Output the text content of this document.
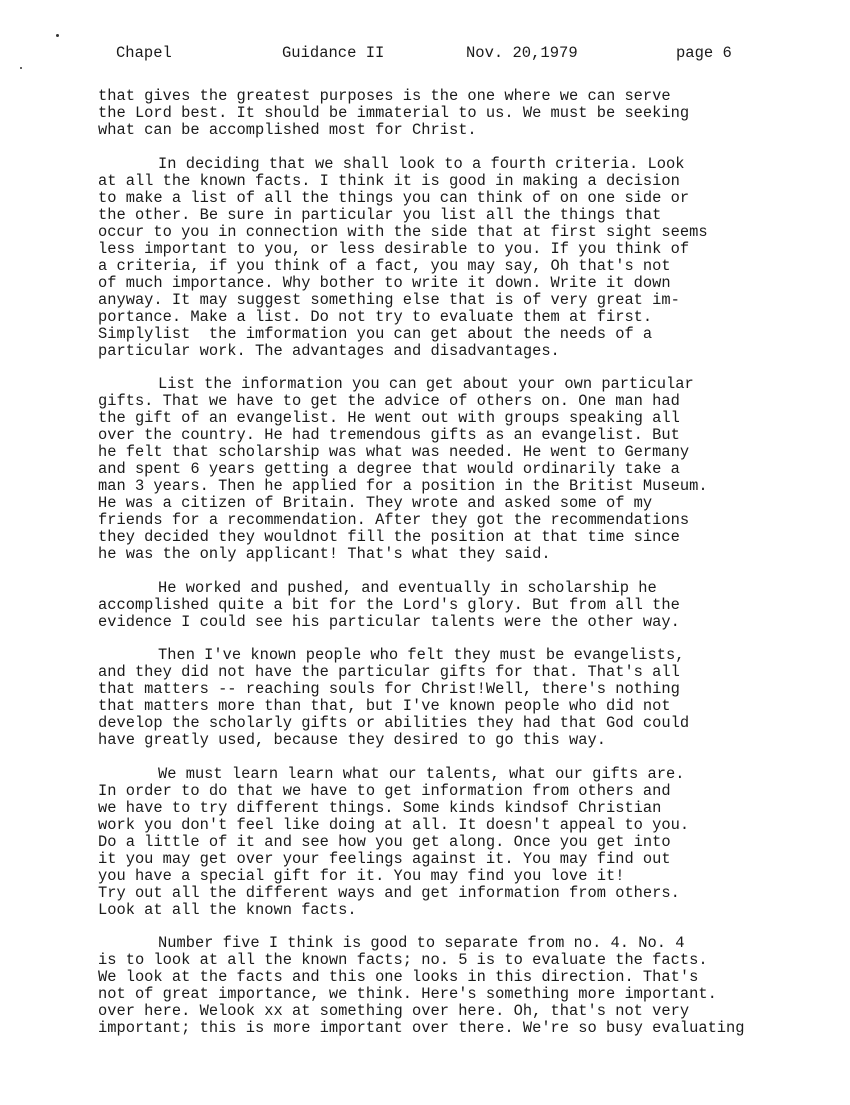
Chapel	Guidance II	Nov. 20,1979	page 6
that gives the greatest purposes is the one where we can serve
the Lord best. It should be immaterial to us. We must be seeking
what can be accomplished most for Christ.
In deciding that we shall look to a fourth criteria. Look
at all the known facts. I think it is good in making a decision
to make a list of all the things you can think of on one side or
the other. Be sure in particular you list all the things that
occur to you in connection with the side that at first sight seems
less important to you, or less desirable to you. If you think of
a criteria, if you think of a fact, you may say, Oh that's not
of much importance. Why bother to write it down. Write it down
anyway. It may suggest something else that is of very great im-
portance. Make a list. Do not try to evaluate them at first.
Simplylist  the imformation you can get about the needs of a
particular work. The advantages and disadvantages.
List the information you can get about your own particular
gifts. That we have to get the advice of others on. One man had
the gift of an evangelist. He went out with groups speaking all
over the country. He had tremendous gifts as an evangelist. But
he felt that scholarship was what was needed. He went to Germany
and spent 6 years getting a degree that would ordinarily take a
man 3 years. Then he applied for a position in the Britist Museum.
He was a citizen of Britain. They wrote and asked some of my
friends for a recommendation. After they got the recommendations
they decided they wouldnot fill the position at that time since
he was the only applicant! That's what they said.
He worked and pushed, and eventually in scholarship he
accomplished quite a bit for the Lord's glory. But from all the
evidence I could see his particular talents were the other way.
Then I've known people who felt they must be evangelists,
and they did not have the particular gifts for that. That's all
that matters -- reaching souls for Christ!Well, there's nothing
that matters more than that, but I've known people who did not
develop the scholarly gifts or abilities they had that God could
have greatly used, because they desired to go this way.
We must learn learn what our talents, what our gifts are.
In order to do that we have to get information from others and
we have to try different things. Some kinds kindsof Christian
work you don't feel like doing at all. It doesn't appeal to you.
Do a little of it and see how you get along. Once you get into
it you may get over your feelings against it. You may find out
you have a special gift for it. You may find you love it!
Try out all the different ways and get information from others.
Look at all the known facts.
Number five I think is good to separate from no. 4. No. 4
is to look at all the known facts; no. 5 is to evaluate the facts.
We look at the facts and this one looks in this direction. That's
not of great importance, we think. Here's something more important.
over here. Welook xx at something over here. Oh, that's not very
important; this is more important over there. We're so busy evaluating
